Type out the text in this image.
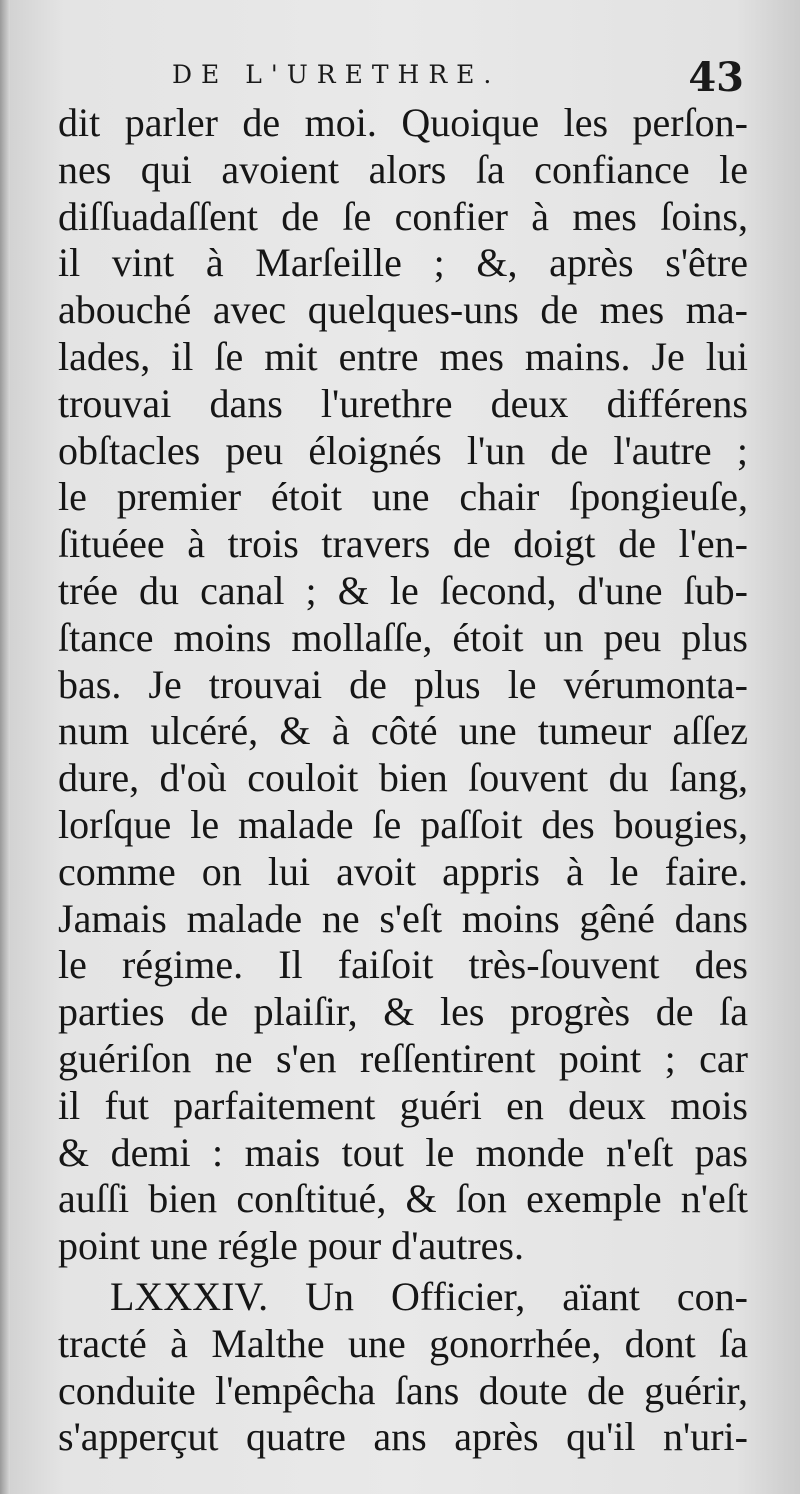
DE L'URETHRE.	43
dit parler de moi. Quoique les perſon-
nes qui avoient alors ſa confiance le
diſſuadaſſent de ſe confier à mes ſoins,
il vint à Marſeille ; &, après s'être
abouché avec quelques-uns de mes ma-
lades, il ſe mit entre mes mains. Je lui
trouvai dans l'urethre deux différens
obſtacles peu éloignés l'un de l'autre ;
le premier étoit une chair ſpongieuſe,
ſituéee à trois travers de doigt de l'en-
trée du canal ; & le ſecond, d'une ſub-
ſtance moins mollaſſe, étoit un peu plus
bas. Je trouvai de plus le vérumonta-
num ulcéré, & à côté une tumeur aſſez
dure, d'où couloit bien ſouvent du ſang,
lorſque le malade ſe paſſoit des bougies,
comme on lui avoit appris à le faire.
Jamais malade ne s'eſt moins gêné dans
le régime. Il faiſoit très-ſouvent des
parties de plaiſir, & les progrès de ſa
guériſon ne s'en reſſentirent point ; car
il fut parfaitement guéri en deux mois
& demi : mais tout le monde n'eſt pas
auſſi bien conſtitué, & ſon exemple n'eſt
point une régle pour d'autres.
LXXXIV. Un Officier, aïant con-
tracté à Malthe une gonorrhée, dont ſa
conduite l'empêcha ſans doute de guérir,
s'apperçut quatre ans après qu'il n'uri-
